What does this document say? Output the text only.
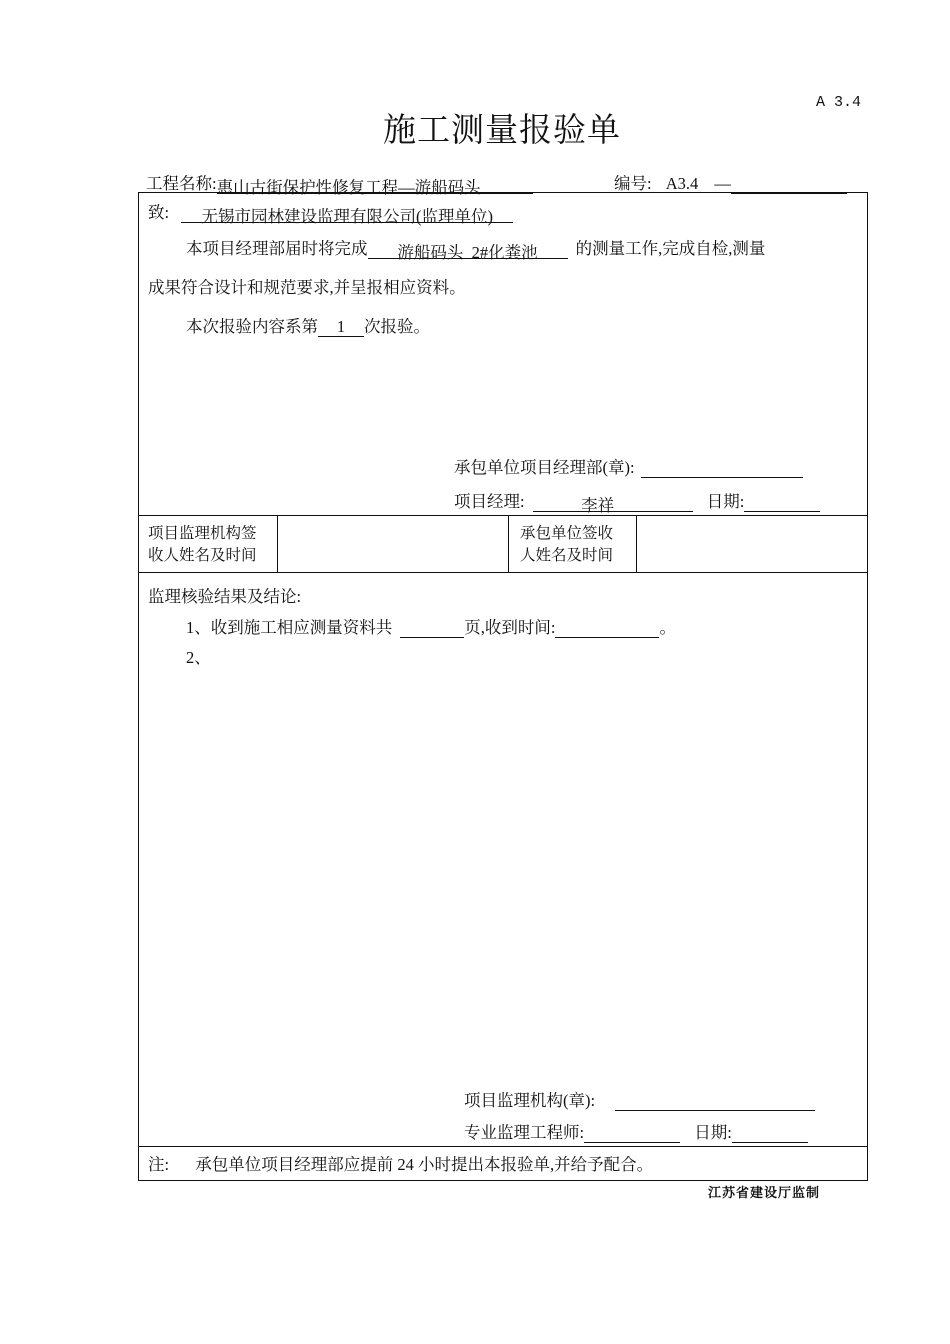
A 3.4
施工测量报验单
工程名称:惠山古街保护性修复工程—游船码头	编号: A3.4 —
致: 无锡市园林建设监理有限公司(监理单位)
本项目经理部届时将完成 游船码头  2#化粪池 的测量工作,完成自检,测量
成果符合设计和规范要求,并呈报相应资料。
本次报验内容系第 1 次报验。
承包单位项目经理部(章):
项目经理:	李祥	日期:
项目监理机构签
收人姓名及时间
承包单位签收
人姓名及时间
监理核验结果及结论:
1、收到施工相应测量资料共	页,收到时间:	。
2、
项目监理机构(章):
专业监理工程师:	日期:
注: 承包单位项目经理部应提前 24 小时提出本报验单,并给予配合。
江苏省建设厅监制
